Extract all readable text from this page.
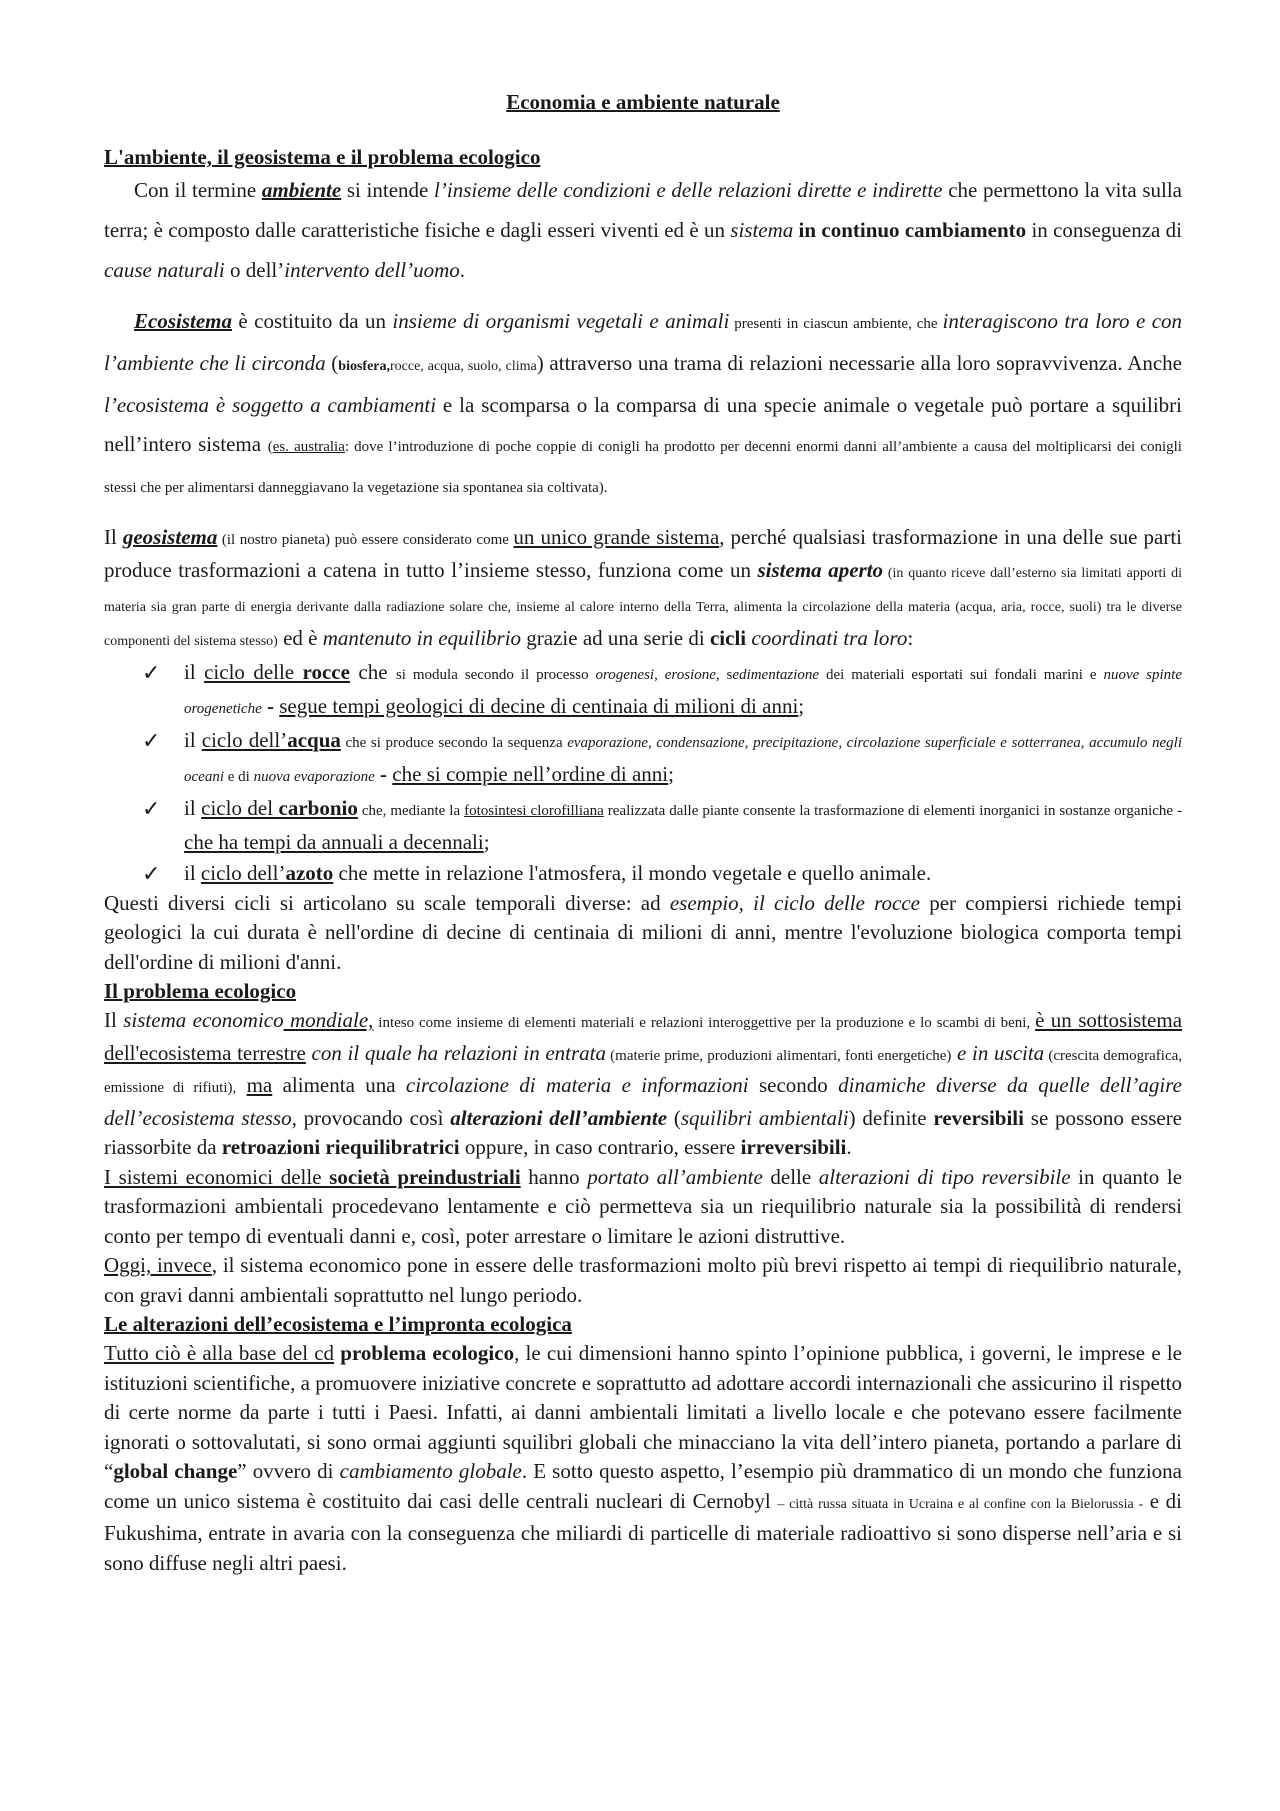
Economia e ambiente naturale
L'ambiente, il geosistema e il problema ecologico

Con il termine ambiente si intende l’insieme delle condizioni e delle relazioni dirette e indirette che permettono la vita sulla terra; è composto dalle caratteristiche fisiche e dagli esseri viventi ed è un sistema in continuo cambiamento in conseguenza di cause naturali o dell’intervento dell’uomo.

Ecosistema è costituito da un insieme di organismi vegetali e animali presenti in ciascun ambiente, che interagiscono tra loro e con l’ambiente che li circonda (biosfera,rocce, acqua, suolo, clima) attraverso una trama di relazioni necessarie alla loro sopravvivenza. Anche l’ecosistema è soggetto a cambiamenti e la scomparsa o la comparsa di una specie animale o vegetale può portare a squilibri nell’intero sistema (es. australia: dove l’introduzione di poche coppie di conigli ha prodotto per decenni enormi danni all’ambiente a causa del moltiplicarsi dei conigli stessi che per alimentarsi danneggiavano la vegetazione sia spontanea sia coltivata).

Il geosistema (il nostro pianeta) può essere considerato come un unico grande sistema, perché qualsiasi trasformazione in una delle sue parti produce trasformazioni a catena in tutto l’insieme stesso, funziona come un sistema aperto (in quanto riceve dall’esterno sia limitati apporti di materia sia gran parte di energia derivante dalla radiazione solare che, insieme al calore interno della Terra, alimenta la circolazione della materia (acqua, aria, rocce, suoli) tra le diverse componenti del sistema stesso) ed è mantenuto in equilibrio grazie ad una serie di cicli coordinati tra loro:

✓ il ciclo delle rocce che si modula secondo il processo orogenesi, erosione, sedimentazione dei materiali esportati sui fondali marini e nuove spinte orogenetiche - segue tempi geologici di decine di centinaia di milioni di anni;
✓ il ciclo dell’acqua che si produce secondo la sequenza evaporazione, condensazione, precipitazione, circolazione superficiale e sotterranea, accumulo negli oceani e di nuova evaporazione - che si compie nell’ordine di anni;
✓ il ciclo del carbonio che, mediante la fotosintesi clorofilliana realizzata dalle piante consente la trasformazione di elementi inorganici in sostanze organiche - che ha tempi da annuali a decennali;
✓ il ciclo dell’azoto che mette in relazione l'atmosfera, il mondo vegetale e quello animale.

Questi diversi cicli si articolano su scale temporali diverse: ad esempio, il ciclo delle rocce per compiersi richiede tempi geologici la cui durata è nell'ordine di decine di centinaia di milioni di anni, mentre l'evoluzione biologica comporta tempi dell'ordine di milioni d'anni.

Il problema ecologico

Il sistema economico mondiale, inteso come insieme di elementi materiali e relazioni interoggettive per la produzione e lo scambi di beni, è un sottosistema dell'ecosistema terrestre con il quale ha relazioni in entrata (materie prime, produzioni alimentari, fonti energetiche) e in uscita (crescita demografica, emissione di rifiuti), ma alimenta una circolazione di materia e informazioni secondo dinamiche diverse da quelle dell’agire dell’ecosistema stesso, provocando così alterazioni dell’ambiente (squilibri ambientali) definite reversibili se possono essere riassorbite da retroazioni riequilibratrici oppure, in caso contrario, essere irreversibili.

I sistemi economici delle società preindustriali hanno portato all’ambiente delle alterazioni di tipo reversibile in quanto le trasformazioni ambientali procedevano lentamente e ciò permetteva sia un riequilibrio naturale sia la possibilità di rendersi conto per tempo di eventuali danni e, così, poter arrestare o limitare le azioni distruttive.

Oggi, invece, il sistema economico pone in essere delle trasformazioni molto più brevi rispetto ai tempi di riequilibrio naturale, con gravi danni ambientali soprattutto nel lungo periodo.

Le alterazioni dell’ecosistema e l’impronta ecologica

Tutto ciò è alla base del cd problema ecologico, le cui dimensioni hanno spinto l’opinione pubblica, i governi, le imprese e le istituzioni scientifiche, a promuovere iniziative concrete e soprattutto ad adottare accordi internazionali che assicurino il rispetto di certe norme da parte i tutti i Paesi. Infatti, ai danni ambientali limitati a livello locale e che potevano essere facilmente ignorati o sottovalutati, si sono ormai aggiunti squilibri globali che minacciano la vita dell’intero pianeta, portando a parlare di “global change” ovvero di cambiamento globale. E sotto questo aspetto, l’esempio più drammatico di un mondo che funziona come un unico sistema è costituito dai casi delle centrali nucleari di Cernobyl – città russa situata in Ucraina e al confine con la Bielorussia - e di Fukushima, entrate in avaria con la conseguenza che miliardi di particelle di materiale radioattivo si sono disperse nell’aria e si sono diffuse negli altri paesi.
